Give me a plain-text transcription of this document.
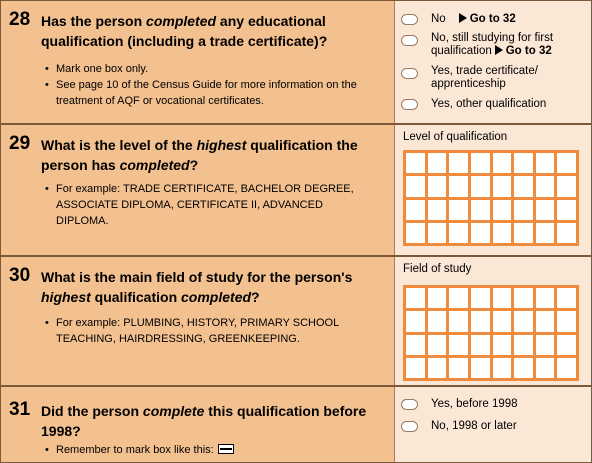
28 Has the person completed any educational qualification (including a trade certificate)?
• Mark one box only.
• See page 10 of the Census Guide for more information on the treatment of AQF or vocational certificates.
No Go to 32
No, still studying for first qualification Go to 32
Yes, trade certificate/ apprenticeship
Yes, other qualification
29 What is the level of the highest qualification the person has completed?
• For example: TRADE CERTIFICATE, BACHELOR DEGREE, ASSOCIATE DIPLOMA, CERTIFICATE II, ADVANCED DIPLOMA.
Level of qualification
30 What is the main field of study for the person's highest qualification completed?
• For example: PLUMBING, HISTORY, PRIMARY SCHOOL TEACHING, HAIRDRESSING, GREENKEEPING.
Field of study
31 Did the person complete this qualification before 1998?
• Remember to mark box like this:
Yes, before 1998
No, 1998 or later
